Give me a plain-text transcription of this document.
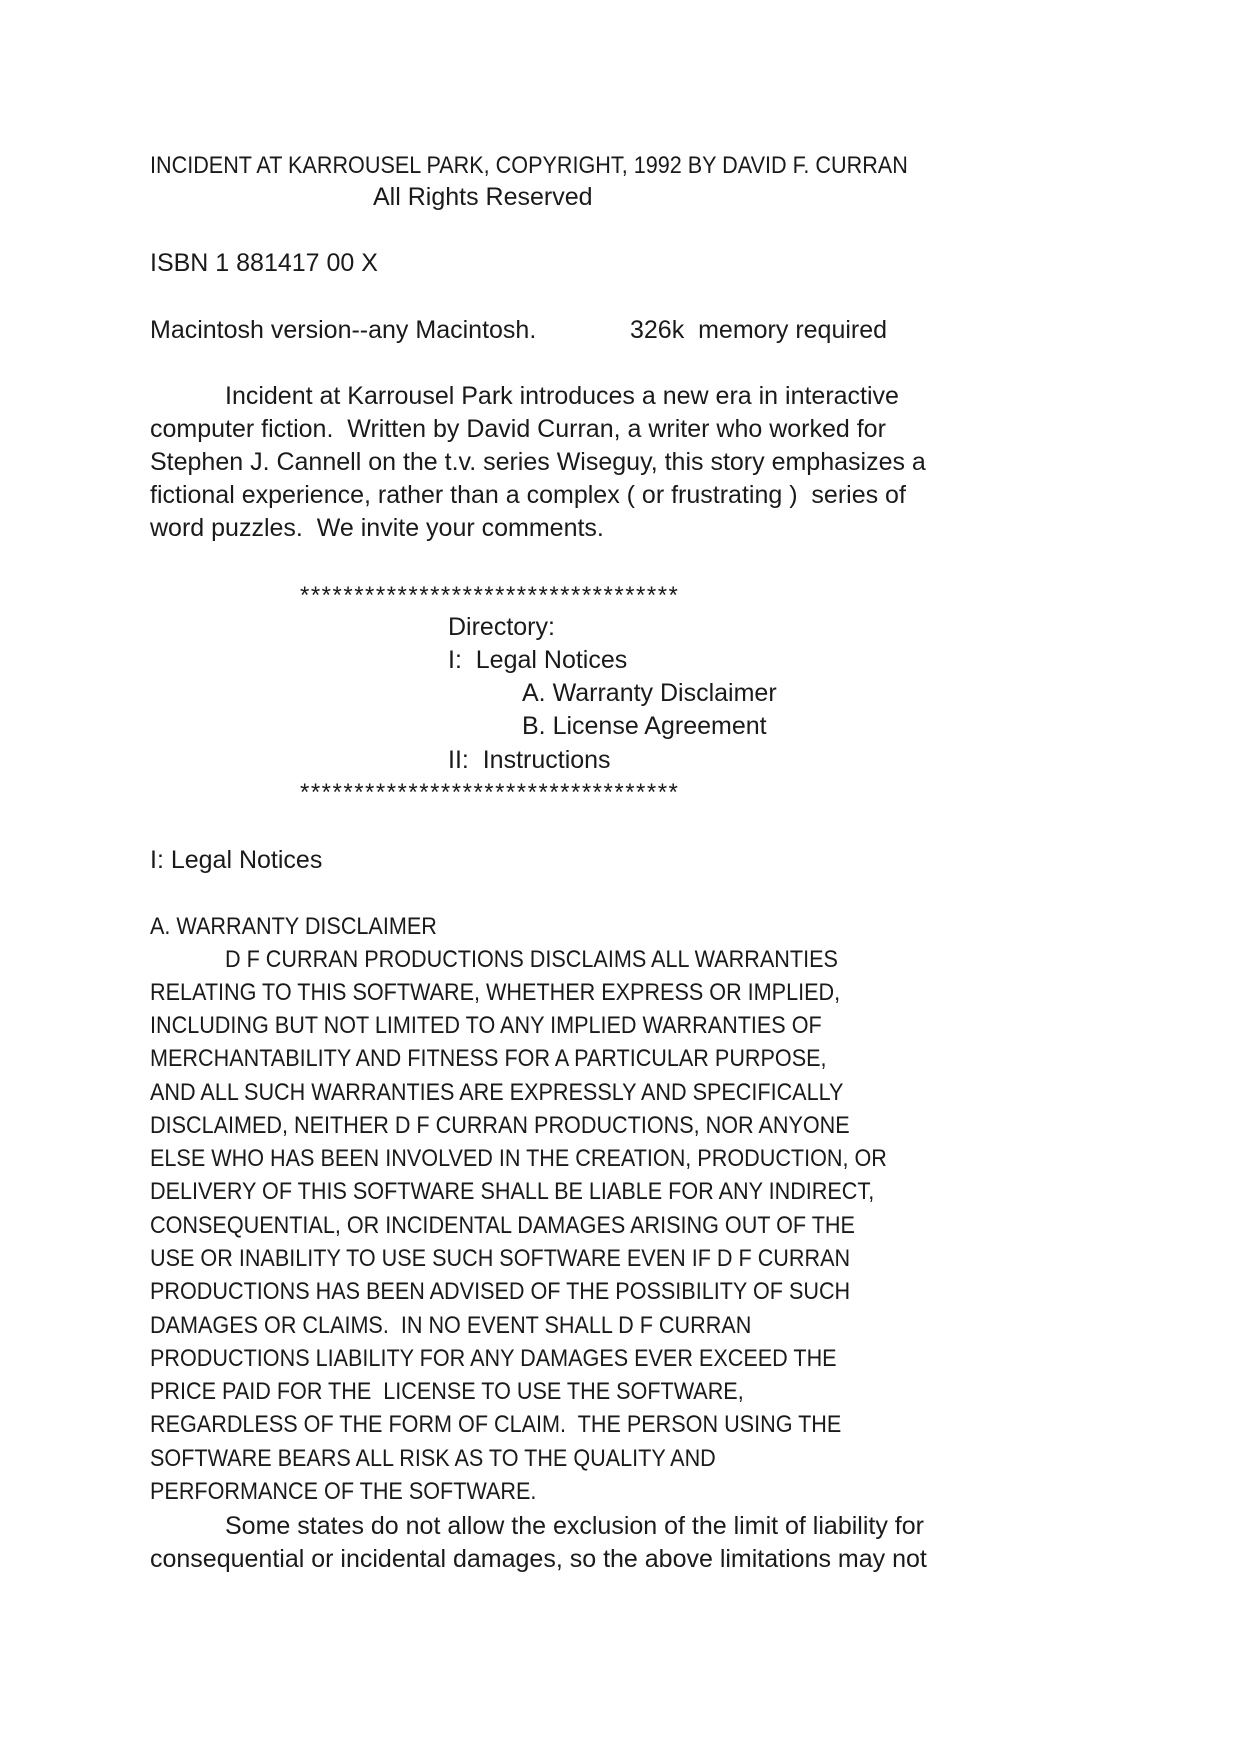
INCIDENT AT KARROUSEL PARK, COPYRIGHT, 1992 BY DAVID F. CURRAN
All Rights Reserved
ISBN 1 881417 00 X
Macintosh version--any Macintosh.	326k  memory required
Incident at Karrousel Park introduces a new era in interactive
computer fiction.  Written by David Curran, a writer who worked for
Stephen J. Cannell on the t.v. series Wiseguy, this story emphasizes a
fictional experience, rather than a complex ( or frustrating )  series of
word puzzles.  We invite your comments.
***********************************
Directory:
I:  Legal Notices
A. Warranty Disclaimer
B. License Agreement
II:  Instructions
***********************************
I: Legal Notices
A. WARRANTY DISCLAIMER
D F CURRAN PRODUCTIONS DISCLAIMS ALL WARRANTIES
RELATING TO THIS SOFTWARE, WHETHER EXPRESS OR IMPLIED,
INCLUDING BUT NOT LIMITED TO ANY IMPLIED WARRANTIES OF
MERCHANTABILITY AND FITNESS FOR A PARTICULAR PURPOSE,
AND ALL SUCH WARRANTIES ARE EXPRESSLY AND SPECIFICALLY
DISCLAIMED, NEITHER D F CURRAN PRODUCTIONS, NOR ANYONE
ELSE WHO HAS BEEN INVOLVED IN THE CREATION, PRODUCTION, OR
DELIVERY OF THIS SOFTWARE SHALL BE LIABLE FOR ANY INDIRECT,
CONSEQUENTIAL, OR INCIDENTAL DAMAGES ARISING OUT OF THE
USE OR INABILITY TO USE SUCH SOFTWARE EVEN IF D F CURRAN
PRODUCTIONS HAS BEEN ADVISED OF THE POSSIBILITY OF SUCH
DAMAGES OR CLAIMS.  IN NO EVENT SHALL D F CURRAN
PRODUCTIONS LIABILITY FOR ANY DAMAGES EVER EXCEED THE
PRICE PAID FOR THE  LICENSE TO USE THE SOFTWARE,
REGARDLESS OF THE FORM OF CLAIM.  THE PERSON USING THE
SOFTWARE BEARS ALL RISK AS TO THE QUALITY AND
PERFORMANCE OF THE SOFTWARE.
Some states do not allow the exclusion of the limit of liability for
consequential or incidental damages, so the above limitations may not
